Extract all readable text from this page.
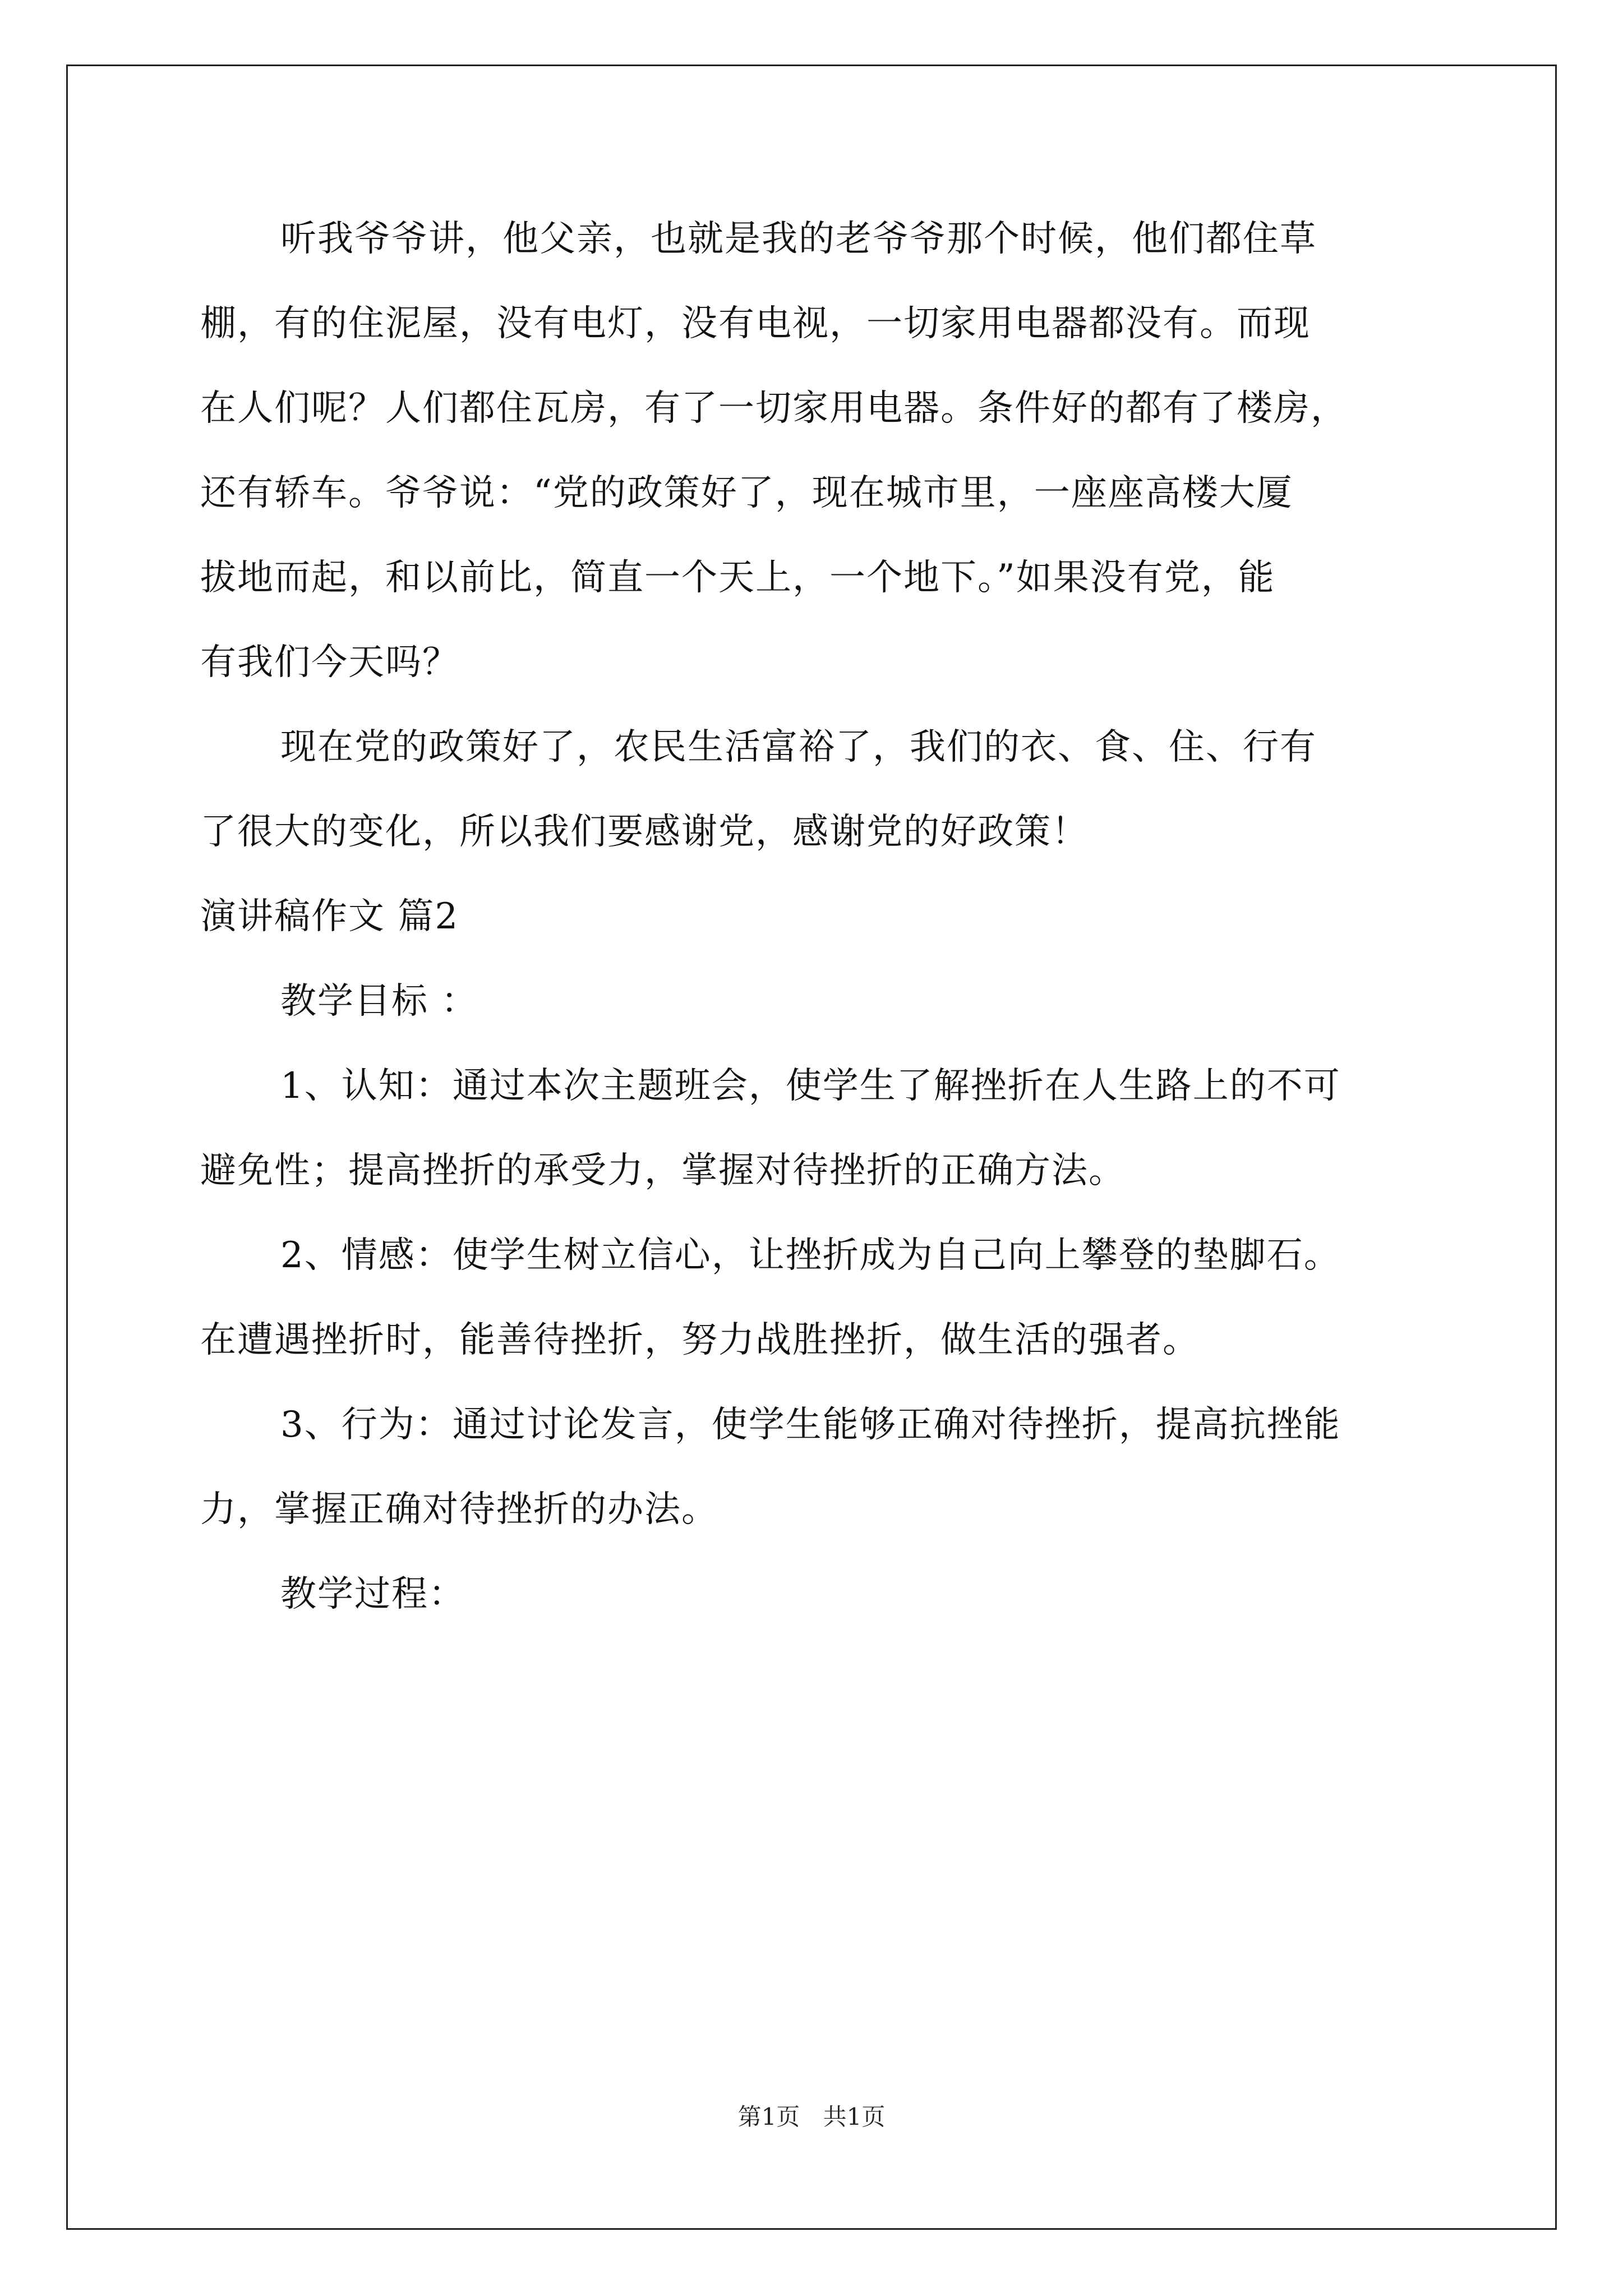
听我爷爷讲，他父亲，也就是我的老爷爷那个时候，他们都住草
棚，有的住泥屋，没有电灯，没有电视，一切家用电器都没有。而现
在人们呢？人们都住瓦房，有了一切家用电器。条件好的都有了楼房，
还有轿车。爷爷说：“党的政策好了，现在城市里，一座座高楼大厦
拔地而起，和以前比，简直一个天上，一个地下。”如果没有党，能
有我们今天吗？
现在党的政策好了，农民生活富裕了，我们的衣、食、住、行有
了很大的变化，所以我们要感谢党，感谢党的好政策！
演讲稿作文 篇2
教学目标 ：
1、认知：通过本次主题班会，使学生了解挫折在人生路上的不可
避免性；提高挫折的承受力，掌握对待挫折的正确方法。
2、情感：使学生树立信心，让挫折成为自己向上攀登的垫脚石。
在遭遇挫折时，能善待挫折，努力战胜挫折，做生活的强者。
3、行为：通过讨论发言，使学生能够正确对待挫折，提高抗挫能
力，掌握正确对待挫折的办法。
教学过程：
第1页 共1页
